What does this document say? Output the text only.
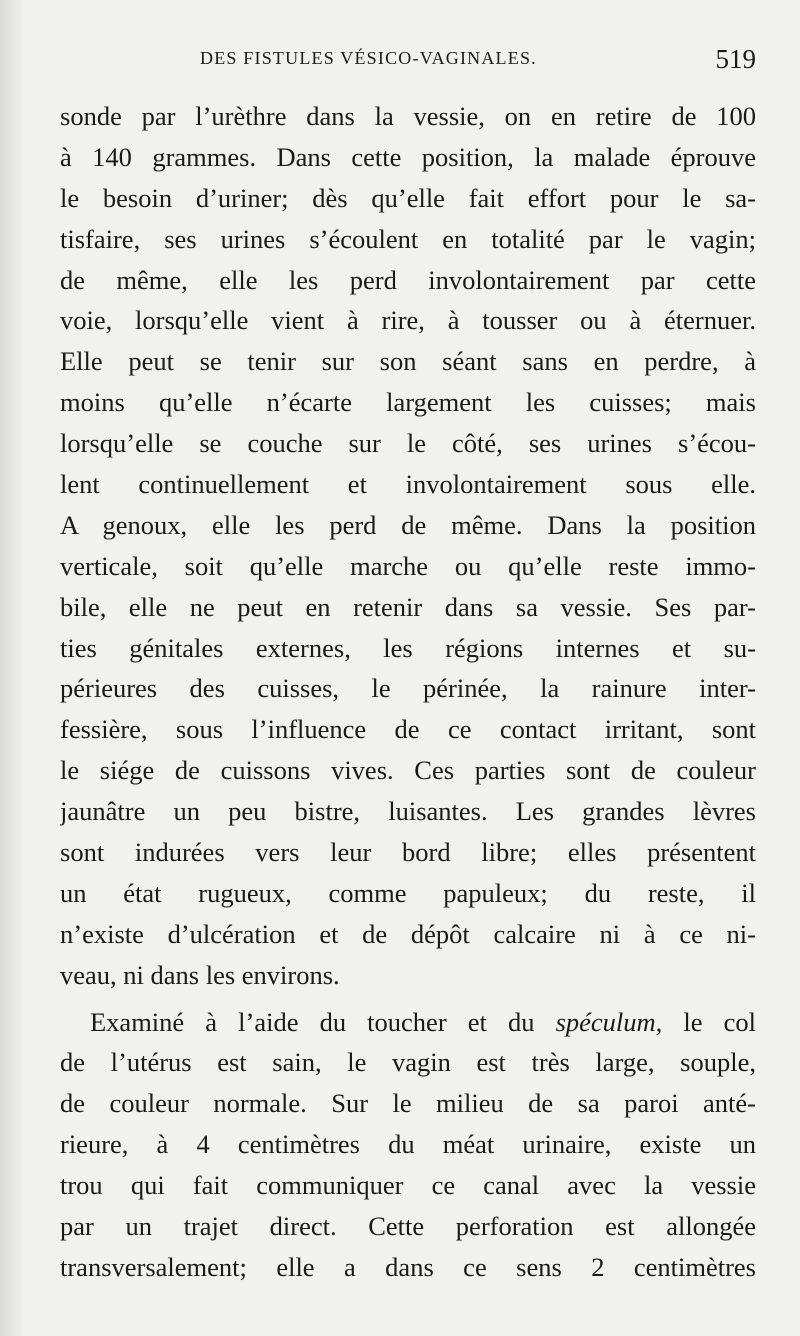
DES FISTULES VÉSICO-VAGINALES.	519
sonde par l’urèthre dans la vessie, on en retire de 100
à 140 grammes. Dans cette position, la malade éprouve
le besoin d’uriner; dès qu’elle fait effort pour le sa-
tisfaire, ses urines s’écoulent en totalité par le vagin;
de même, elle les perd involontairement par cette
voie, lorsqu’elle vient à rire, à tousser ou à éternuer.
Elle peut se tenir sur son séant sans en perdre, à
moins qu’elle n’écarte largement les cuisses; mais
lorsqu’elle se couche sur le côté, ses urines s’écou-
lent continuellement et involontairement sous elle.
A genoux, elle les perd de même. Dans la position
verticale, soit qu’elle marche ou qu’elle reste immo-
bile, elle ne peut en retenir dans sa vessie. Ses par-
ties génitales externes, les régions internes et su-
périeures des cuisses, le périnée, la rainure inter-
fessière, sous l’influence de ce contact irritant, sont
le siége de cuissons vives. Ces parties sont de couleur
jaunâtre un peu bistre, luisantes. Les grandes lèvres
sont indurées vers leur bord libre; elles présentent
un état rugueux, comme papuleux; du reste, il
n’existe d’ulcération et de dépôt calcaire ni à ce ni-
veau, ni dans les environs.
Examiné à l’aide du toucher et du spéculum, le col
de l’utérus est sain, le vagin est très large, souple,
de couleur normale. Sur le milieu de sa paroi anté-
rieure, à 4 centimètres du méat urinaire, existe un
trou qui fait communiquer ce canal avec la vessie
par un trajet direct. Cette perforation est allongée
transversalement; elle a dans ce sens 2 centimètres
